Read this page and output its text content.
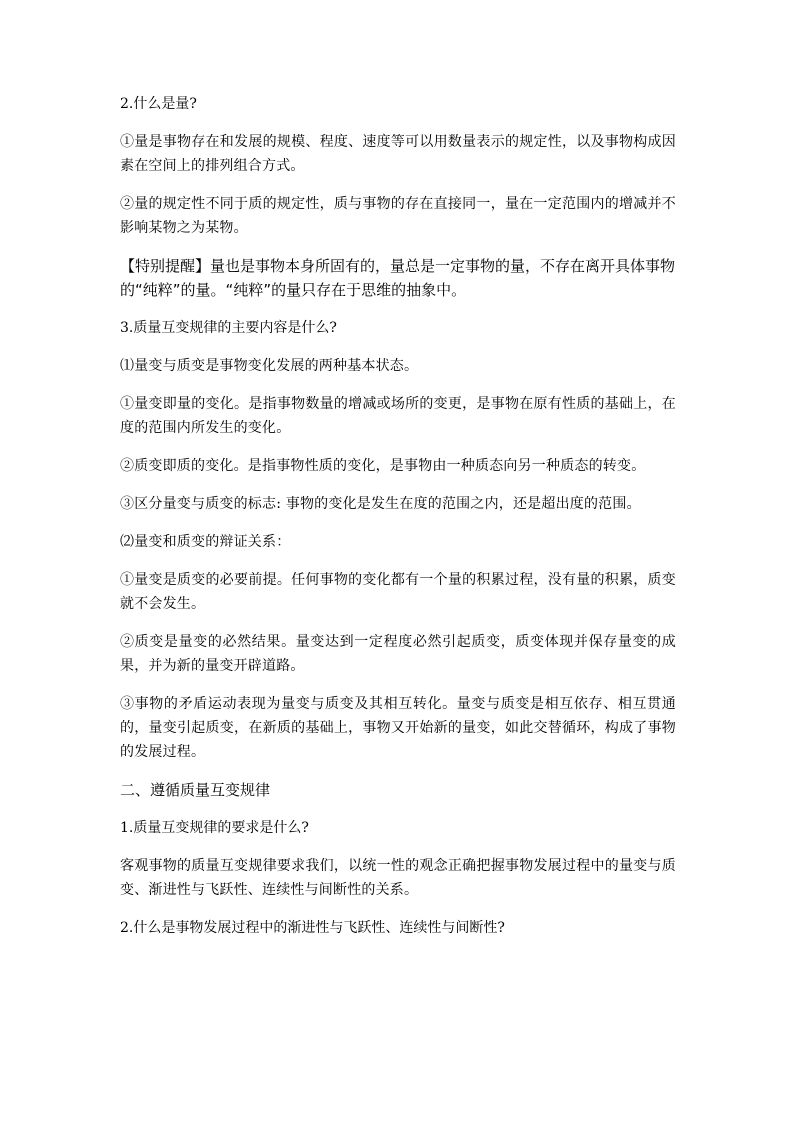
2.什么是量?

①量是事物存在和发展的规模、程度、速度等可以用数量表示的规定性，以及事物构成因素在空间上的排列组合方式。

②量的规定性不同于质的规定性，质与事物的存在直接同一，量在一定范围内的增减并不影响某物之为某物。

【特别提醒】量也是事物本身所固有的，量总是一定事物的量，不存在离开具体事物的“纯粹”的量。“纯粹”的量只存在于思维的抽象中。

3.质量互变规律的主要内容是什么?

⑴量变与质变是事物变化发展的两种基本状态。

①量变即量的变化。是指事物数量的增减或场所的变更，是事物在原有性质的基础上，在度的范围内所发生的变化。

②质变即质的变化。是指事物性质的变化，是事物由一种质态向另一种质态的转变。

③区分量变与质变的标志: 事物的变化是发生在度的范围之内，还是超出度的范围。

⑵量变和质变的辩证关系：

①量变是质变的必要前提。任何事物的变化都有一个量的积累过程，没有量的积累，质变就不会发生。

②质变是量变的必然结果。量变达到一定程度必然引起质变，质变体现并保存量变的成果，并为新的量变开辟道路。

③事物的矛盾运动表现为量变与质变及其相互转化。量变与质变是相互依存、相互贯通的，量变引起质变，在新质的基础上，事物又开始新的量变，如此交替循环，构成了事物的发展过程。

二、遵循质量互变规律

1.质量互变规律的要求是什么?

客观事物的质量互变规律要求我们，以统一性的观念正确把握事物发展过程中的量变与质变、渐进性与飞跃性、连续性与间断性的关系。

2.什么是事物发展过程中的渐进性与飞跃性、连续性与间断性?
